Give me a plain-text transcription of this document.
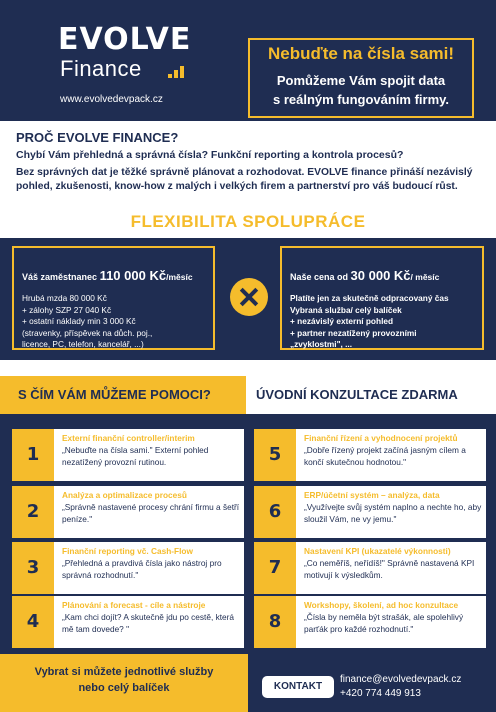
EVOLVE
Finance
www.evolvedevpack.cz
Nebuďte na čísla sami!
Pomůžeme Vám spojit data
s reálným fungováním firmy.
PROČ EVOLVE FINANCE?
Chybí Vám přehledná a správná čísla? Funkční reporting a kontrola procesů?
Bez správných dat je těžké správně plánovat a rozhodovat. EVOLVE finance přináší nezávislý pohled, zkušenosti, know-how z malých i velkých firem a partnerství pro váš budoucí růst.
FLEXIBILITA SPOLUPRÁCE
Váš zaměstnanec 110 000 Kč/měsíc
Hrubá mzda 80 000 Kč
+ zálohy SZP 27 040 Kč
+ ostatní náklady min 3 000 Kč
(stravenky, příspěvek na důch. poj.,
licence, PC, telefon, kancelář, ...)
Naše cena od 30 000 Kč/ měsíc
Platíte jen za skutečně odpracovaný čas
Vybraná služba/ celý balíček
+ nezávislý externí pohled
+ partner nezatížený provozními
„zvyklostmi", ...
S ČÍM VÁM MŮŽEME POMOCI?	ÚVODNÍ KONZULTACE ZDARMA
1
Externí finanční controller/interim
„Nebuďte na čísla sami." Externí pohled nezatížený provozní rutinou.
2
Analýza a optimalizace procesů
„Správně nastavené procesy chrání firmu a šetří peníze."
3
Finanční reporting vč. Cash-Flow
„Přehledná a pravdivá čísla jako nástroj pro správná rozhodnutí."
4
Plánování a forecast - cíle a nástroje
„Kam chci dojít? A skutečně jdu po cestě, která mě tam dovede? "
5
Finanční řízení a vyhodnocení projektů
„Dobře řízený projekt začíná jasným cílem a končí skutečnou hodnotou."
6
ERP/účetní systém – analýza, data
„Využívejte svůj systém naplno a nechte ho, aby sloužil Vám, ne vy jemu."
7
Nastavení KPI (ukazatelé výkonnosti)
„Co neměříš, neřídíš!" Správně nastavená KPI motivují k výsledkům.
8
Workshopy, školení, ad hoc konzultace
„Čísla by neměla být strašák, ale spolehlivý parťák pro každé rozhodnutí."
Vybrat si můžete jednotlivé služby
nebo celý balíček	KONTAKT
finance@evolvedevpack.cz
+420 774 449 913
